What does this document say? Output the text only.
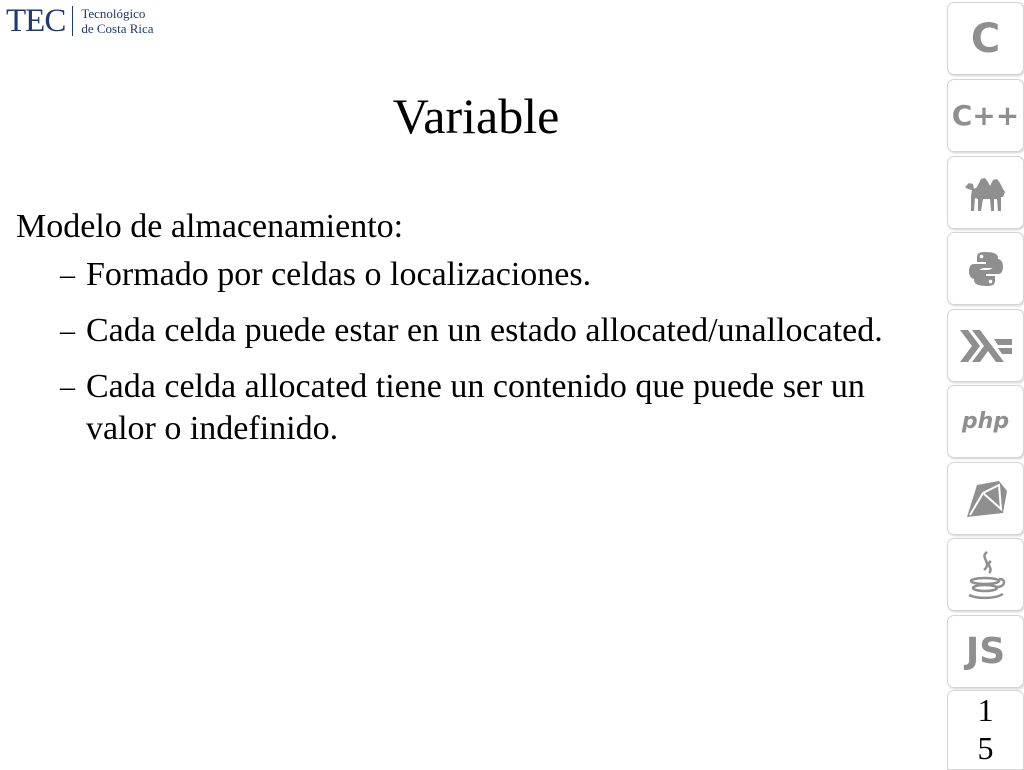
TEC Tecnológico
de Costa Rica
Variable
Modelo de almacenamiento:
– Formado por celdas o localizaciones.
– Cada celda puede estar en un estado allocated/unallocated.
– Cada celda allocated tiene un contenido que puede ser un valor o indefinido.
C
C++
php
JS
1
5
